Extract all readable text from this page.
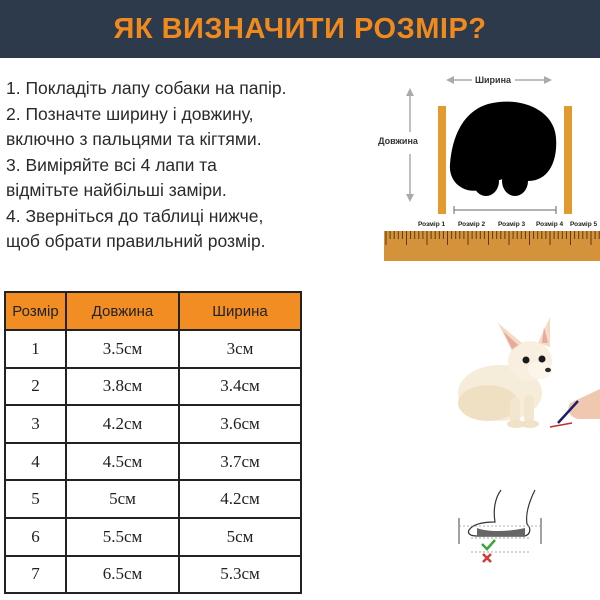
ЯК ВИЗНАЧИТИ РОЗМІР?
1. Покладіть лапу собаки на папір.
2. Позначте ширину і довжину,
включно з пальцями та кігтями.
3. Виміряйте всі 4 лапи та
відмітьте найбільші заміри.
4. Зверніться до таблиці нижче,
щоб обрати правильний розмір.
Ширина
Довжина
Розмір 1 Розмір 2 Розмір 3 Розмір 4 Розмір 5
Розмір	Довжина	Ширина
1	3.5см	3см
2	3.8см	3.4см
3	4.2см	3.6см
4	4.5см	3.7см
5	5см	4.2см
6	5.5см	5см
7	6.5см	5.3см
